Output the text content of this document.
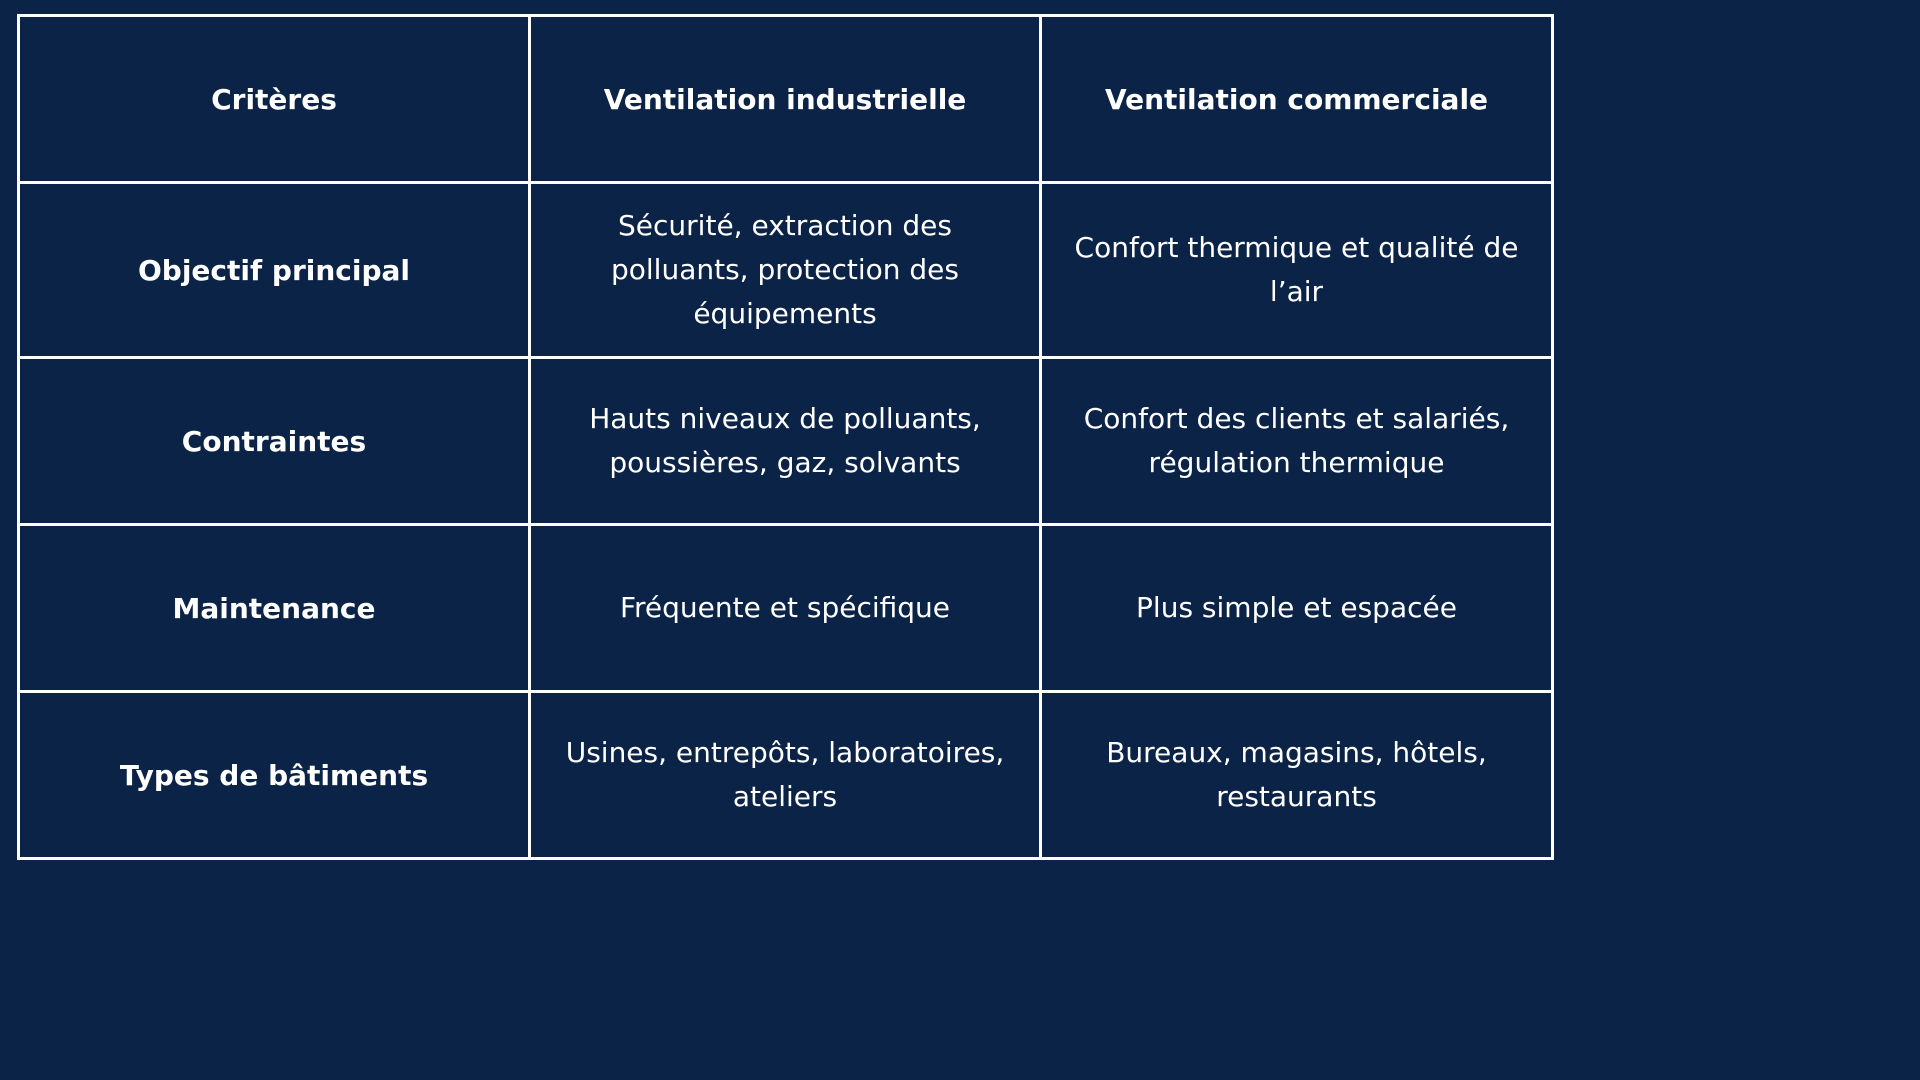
Critères	Ventilation industrielle	Ventilation commerciale
Objectif principal	Sécurité, extraction des polluants, protection des équipements	Confort thermique et qualité de l’air
Contraintes	Hauts niveaux de polluants, poussières, gaz, solvants	Confort des clients et salariés, régulation thermique
Maintenance	Fréquente et spécifique	Plus simple et espacée
Types de bâtiments	Usines, entrepôts, laboratoires, ateliers	Bureaux, magasins, hôtels, restaurants
